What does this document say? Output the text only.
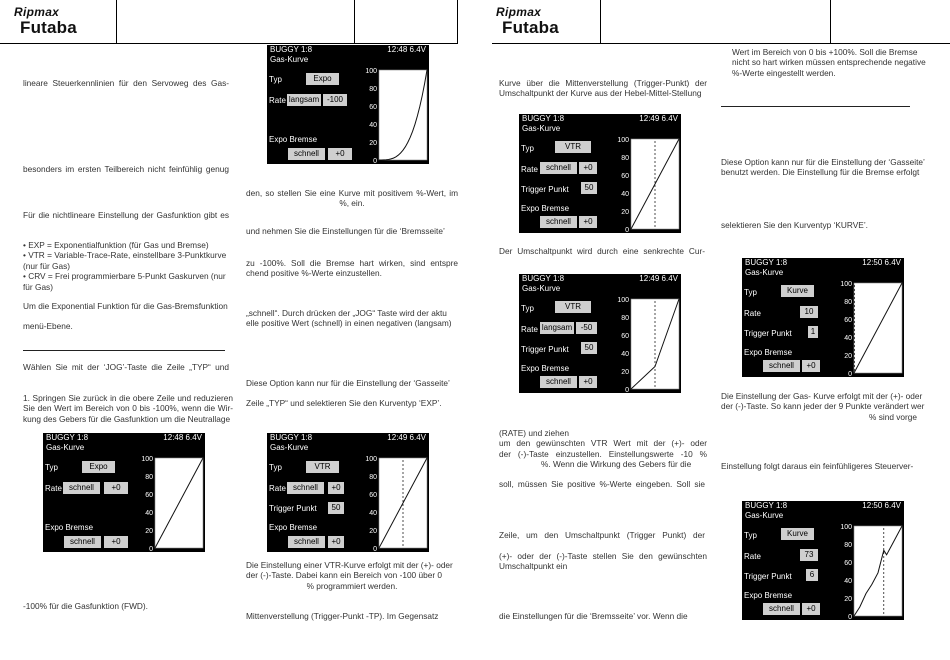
Ripmax
Futaba
Ripmax
Futaba
lineare Steuerkennlinien für den Servoweg des Gas-
besonders im ersten Teilbereich nicht feinfühlig genug
Für die nichtlineare Einstellung der Gasfunktion gibt es
• EXP = Exponentialfunktion (für Gas und Bremse)
• VTR = Variable-Trace-Rate, einstellbare 3-Punktkurve
(nur für Gas)
• CRV = Frei programmierbare 5-Punkt Gaskurven (nur
für Gas)
Um die Exponential Funktion für die Gas-Bremsfunktion
menü-Ebene.
Wählen Sie mit der ‘JOG’-Taste die Zeile „TYP“ und
1. Springen Sie zurück in die obere Zeile und reduzieren
Sie den Wert im Bereich von 0 bis -100%, wenn die Wir-
kung des Gebers für die Gasfunktion um die Neutrallage
-100% für die Gasfunktion (FWD).
den, so stellen Sie eine Kurve mit positivem %-Wert, im
%, ein.
und nehmen Sie die Einstellungen für die ‘Bremsseite’
zu -100%. Soll die Bremse hart wirken, sind entspre
chend positive %-Werte einzustellen.
„schnell“. Durch drücken der „JOG“ Taste wird der aktu
elle positive Wert (schnell) in einen negativen (langsam)
Diese Option kann nur für die Einstellung der ‘Gasseite’
Zeile „TYP“ und selektieren Sie den Kurventyp ‘EXP’.
Die Einstellung einer VTR-Kurve erfolgt mit der (+)- oder
der (-)-Taste. Dabei kann ein Bereich von -100 über 0
% programmiert werden.
Mittenverstellung (Trigger-Punkt -TP). Im Gegensatz
Kurve über die Mittenverstellung (Trigger-Punkt) der
Umschaltpunkt der Kurve aus der Hebel-Mittel-Stellung
Der Umschaltpunkt wird durch eine senkrechte Cur-
(RATE) und ziehen
um den gewünschten VTR Wert mit der (+)- oder
der (-)-Taste einzustellen. Einstellungswerte -10 %
%. Wenn die Wirkung des Gebers für die
soll, müssen Sie positive %-Werte eingeben. Soll sie
Zeile, um den Umschaltpunkt (Trigger Punkt) der
(+)- oder der (-)-Taste stellen Sie den gewünschten
Umschaltpunkt ein
die Einstellungen für die ‘Bremsseite’ vor. Wenn die
Wert im Bereich von 0 bis +100%. Soll die Bremse
nicht so hart wirken müssen entsprechende negative
%-Werte eingestellt werden.
Diese Option kann nur für die Einstellung der ‘Gasseite’
benutzt werden. Die Einstellung für die Bremse erfolgt
selektieren Sie den Kurventyp ‘KURVE’.
Die Einstellung der Gas- Kurve erfolgt mit der (+)- oder
der (-)-Taste. So kann jeder der 9 Punkte verändert wer
% sind vorge
Einstellung folgt daraus ein feinfühligeres Steuerver-
BUGGY 1:8	12:48 6.4V
Gas-Kurve
Typ	Expo
Rate schnell	+0
Expo Bremse
schnell	+0
100
80
60
40
20
0
BUGGY 1:8	12:48 6.4V
Gas-Kurve
Typ	Expo
Rate langsam -100
Expo Bremse
schnell	+0
100
80
60
40
20
0
BUGGY 1:8	12:49 6.4V
Gas-Kurve
Typ	VTR
Rate schnell	+0
Trigger Punkt	50
Expo Bremse
schnell	+0
100
80
60
40
20
0
BUGGY 1:8	12:49 6.4V
Gas-Kurve
Typ	VTR
Rate	schnell	+0
Trigger Punkt	50
Expo Bremse
schnell	+0
100
80
60
40
20
0
BUGGY 1:8	12:49 6.4V
Gas-Kurve
Typ	VTR
Rate langsam	-50
Trigger Punkt	50
Expo Bremse
schnell	+0
100
80
60
40
20
0
BUGGY 1:8	12:50 6.4V
Gas-Kurve
Typ	Kurve
Rate	10
Trigger Punkt	1
Expo Bremse
schnell	+0
100
80
60
40
20
0
BUGGY 1:8	12:50 6.4V
Gas-Kurve
Typ	Kurve
Rate	73
Trigger Punkt	6
Expo Bremse
schnell	+0
100
80
60
40
20
0
